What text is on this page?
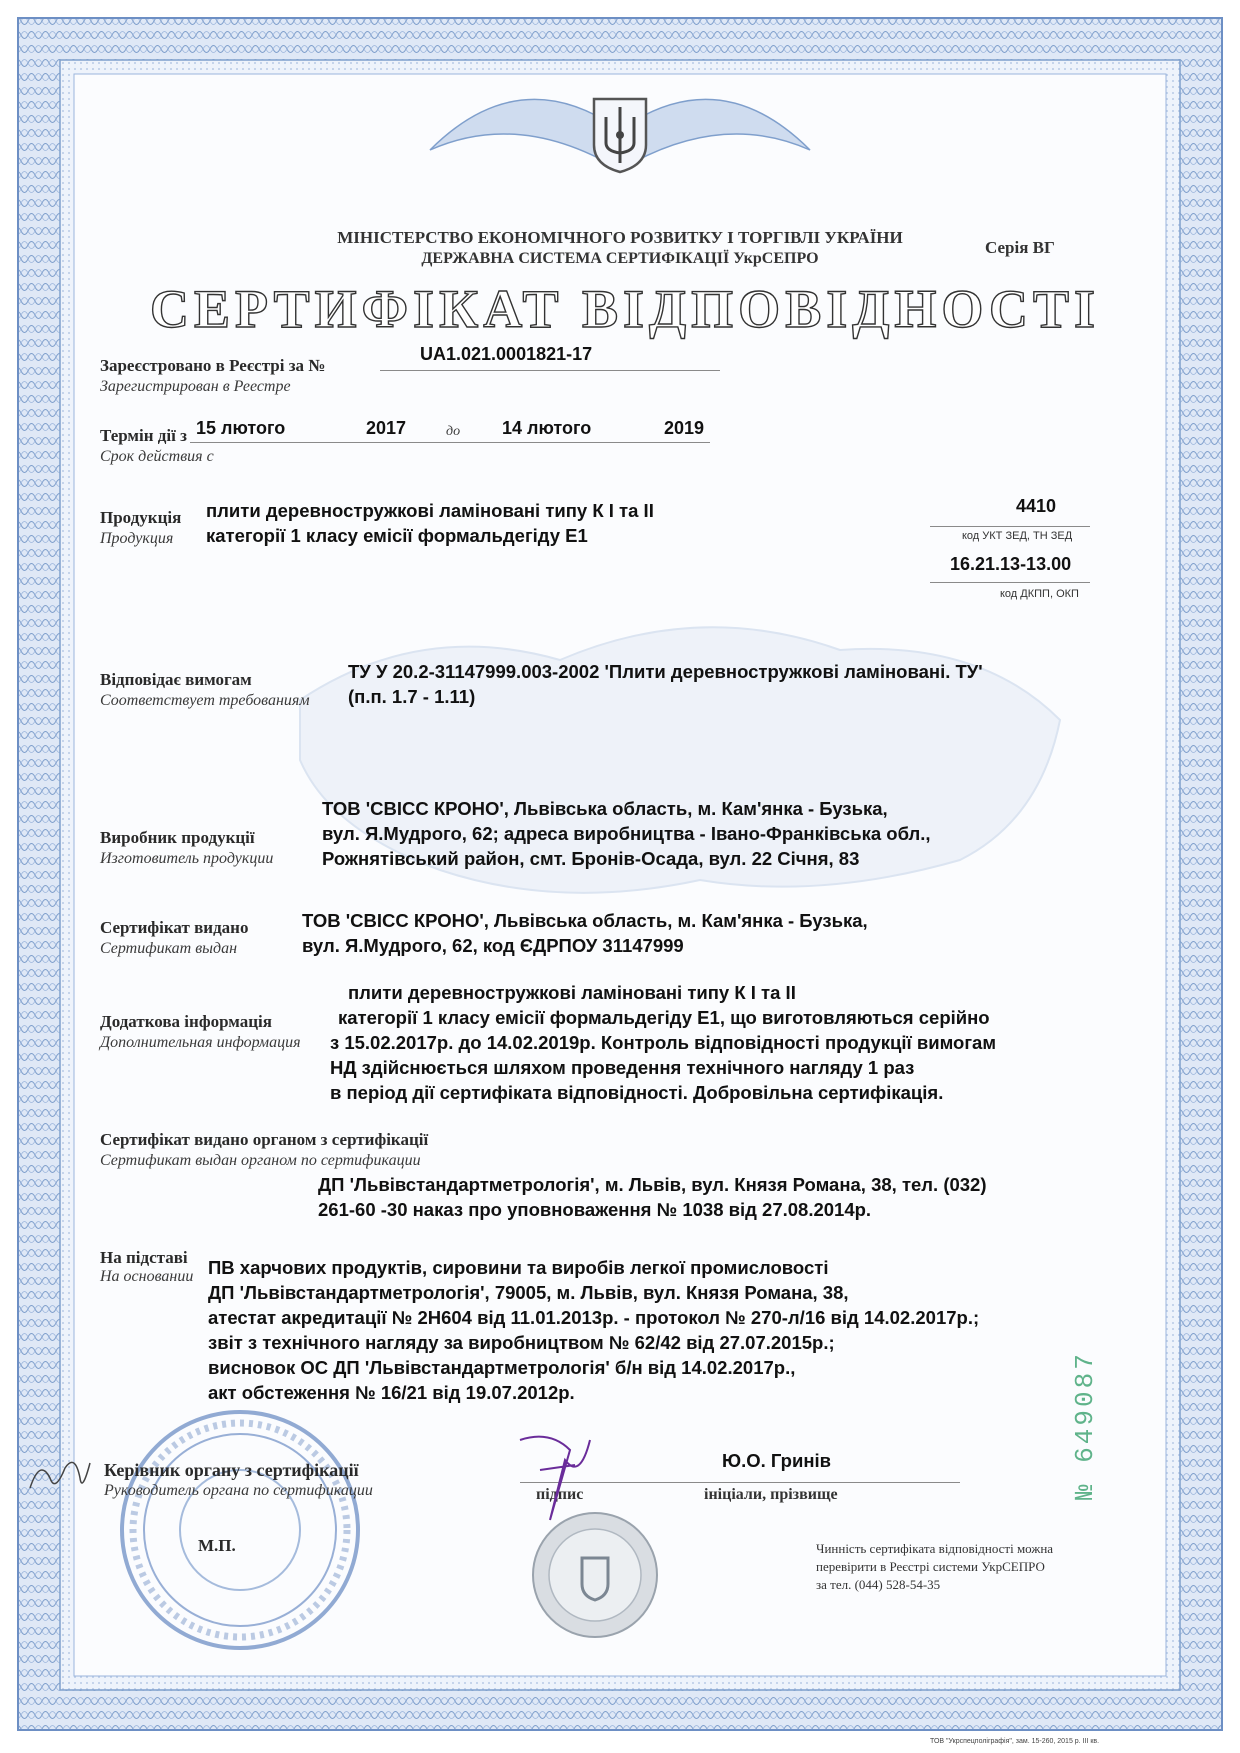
МІНІСТЕРСТВО ЕКОНОМІЧНОГО РОЗВИТКУ І ТОРГІВЛІ УКРАЇНИ
ДЕРЖАВНА СИСТЕМА СЕРТИФІКАЦІЇ УкрСЕПРО
Серія ВГ
СЕРТИФІКАТ ВІДПОВІДНОСТІ
Зареєстровано в Реєстрі за №
Зарегистрирован в Реестре
UA1.021.0001821-17
Термін дії з
Срок действия с
15 лютого	2017	до 14 лютого	2019
Продукція
Продукция
плити деревностружкові ламіновані типу К І та ІІ
категорії 1 класу емісії формальдегіду Е1
4410
код УКТ ЗЕД, ТН ЗЕД
16.21.13-13.00
код ДКПП, ОКП
Відповідає вимогам
Соответствует требованиям
ТУ У 20.2-31147999.003-2002 'Плити деревностружкові ламіновані. ТУ'
(п.п. 1.7 - 1.11)
Виробник продукції
Изготовитель продукции
ТОВ 'СВІСС КРОНО', Львівська область, м. Кам'янка - Бузька,
вул. Я.Мудрого, 62; адреса виробництва - Івано-Франківська обл.,
Рожнятівський район, смт. Бронів-Осада, вул. 22 Січня, 83
Сертифікат видано
Сертификат выдан
ТОВ 'СВІСС КРОНО', Львівська область, м. Кам'янка - Бузька,
вул. Я.Мудрого, 62, код ЄДРПОУ 31147999
Додаткова інформація
Дополнительная информация
плити деревностружкові ламіновані типу К І та ІІ
категорії 1 класу емісії формальдегіду Е1, що виготовляються серійно
з 15.02.2017р. до 14.02.2019р. Контроль відповідності продукції вимогам
НД здійснюється шляхом проведення технічного нагляду 1 раз
в період дії сертифіката відповідності. Добровільна сертифікація.
Сертифікат видано органом з сертифікації
Сертификат выдан органом по сертификации
ДП 'Львівстандартметрологія', м. Львів, вул. Князя Романа, 38, тел. (032)
261-60 -30 наказ про уповноваження № 1038 від 27.08.2014р.
На підставі
На основании ПВ харчових продуктів, сировини та виробів легкої промисловості
ДП 'Львівстандартметрологія', 79005, м. Львів, вул. Князя Романа, 38,
атестат акредитації № 2Н604 від 11.01.2013р. - протокол № 270-л/16 від 14.02.2017р.;
звіт з технічного нагляду за виробництвом № 62/42 від 27.07.2015р.;
висновок ОС ДП 'Львівстандартметрологія' б/н від 14.02.2017р.,
акт обстеження № 16/21 від 19.07.2012р.	№ 649087
Керівник органу з сертифікації
Руководитель органа по сертификации	підпис
Ю.О. Гринів
ініціали, прізвище
М.П.	Чинність сертифіката відповідності можна
перевірити в Реєстрі системи УкрСЕПРО
за тел. (044) 528-54-35
ТОВ "Укрспецполіграфія", зам. 15-260, 2015 р. III кв.
